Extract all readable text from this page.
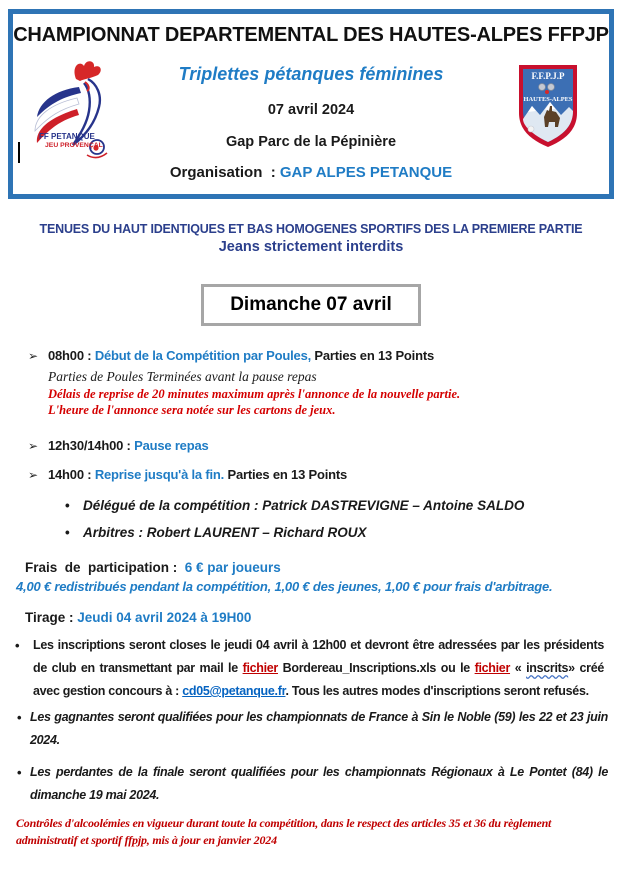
CHAMPIONNAT DEPARTEMENTAL DES HAUTES-ALPES FFPJP
Triplettes pétanques féminines
07 avril 2024
Gap Parc de la Pépinière
Organisation  : GAP ALPES PETANQUE
FF PETANQUE
JEU PROVENÇAL
F.F.P.J.P
HAUTES-ALPES
TENUES DU HAUT IDENTIQUES ET BAS HOMOGENES SPORTIFS DES LA PREMIERE PARTIE
Jeans strictement interdits
Dimanche 07 avril
➢ 08h00 : Début de la Compétition par Poules, Parties en 13 Points
Parties de Poules Terminées avant la pause repas
Délais de reprise de 20 minutes maximum après l'annonce de la nouvelle partie.
L'heure de l'annonce sera notée sur les cartons de jeux.
➢ 12h30/14h00 : Pause repas
➢ 14h00 : Reprise jusqu'à la fin. Parties en 13 Points
• Délégué de la compétition : Patrick DASTREVIGNE – Antoine SALDO
• Arbitres : Robert LAURENT – Richard ROUX
Frais  de  participation :  6 € par joueurs
4,00 € redistribués pendant la compétition, 1,00 € des jeunes, 1,00 € pour frais d'arbitrage.
Tirage : Jeudi 04 avril 2024 à 19H00
• Les inscriptions seront closes le jeudi 04 avril à 12h00 et devront être adressées par les présidents de club en transmettant par mail le fichier Bordereau_Inscriptions.xls ou le fichier « inscrits» créé avec gestion concours à : cd05@petanque.fr. Tous les autres modes d'inscriptions seront refusés.
• Les gagnantes seront qualifiées pour les championnats de France à Sin le Noble (59) les 22 et 23 juin 2024.
• Les perdantes de la finale seront qualifiées pour les championnats Régionaux à Le Pontet (84) le dimanche 19 mai 2024.
Contrôles d'alcoolémies en vigueur durant toute la compétition, dans le respect des articles 35 et 36 du règlement administratif et sportif ffpjp, mis à jour en janvier 2024
